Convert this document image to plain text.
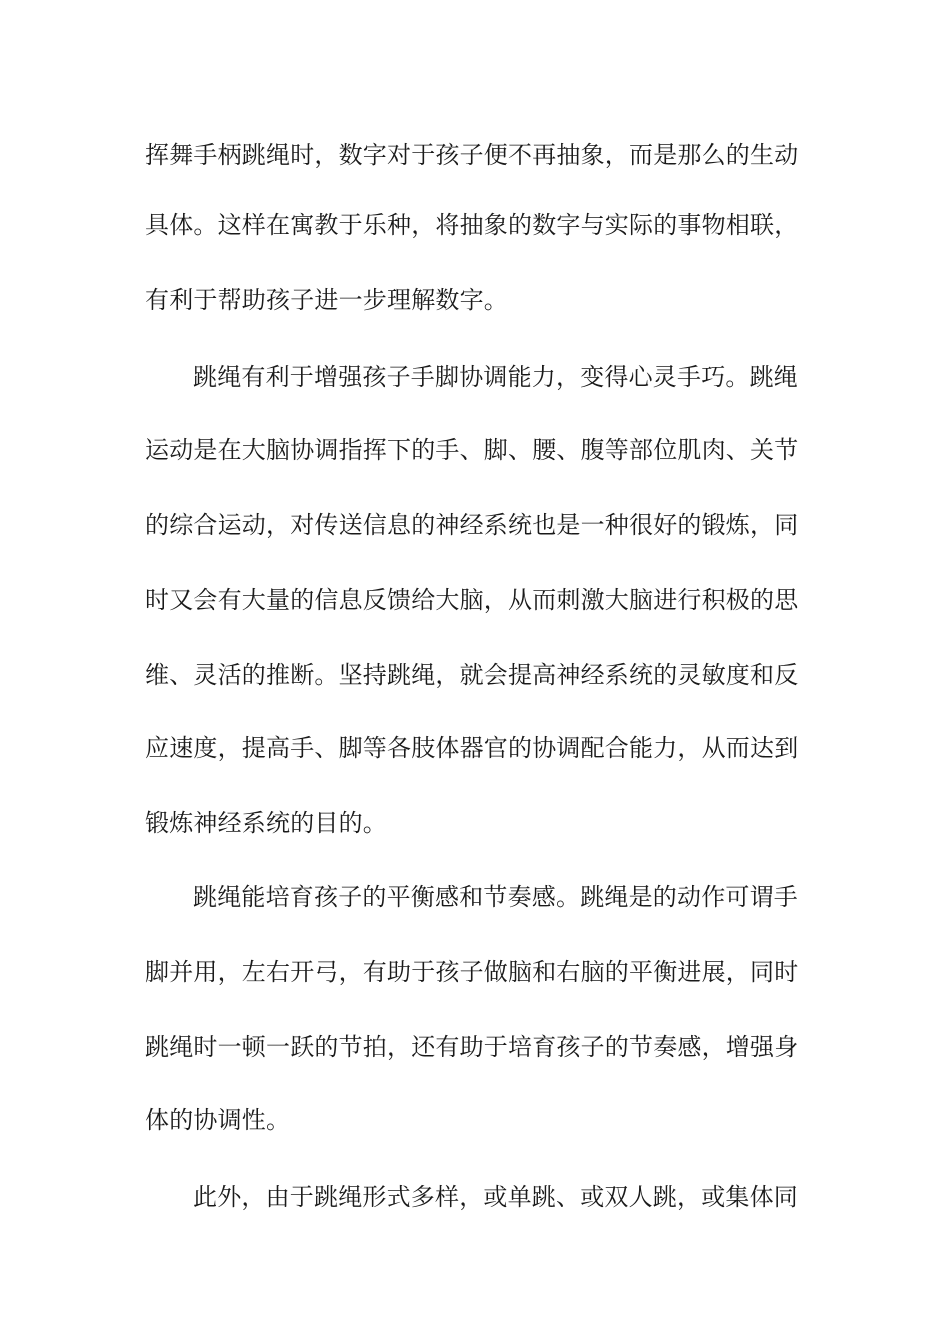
挥舞手柄跳绳时，数字对于孩子便不再抽象，而是那么的生动
具体。这样在寓教于乐种，将抽象的数字与实际的事物相联，
有利于帮助孩子进一步理解数字。
跳绳有利于增强孩子手脚协调能力，变得心灵手巧。跳绳
运动是在大脑协调指挥下的手、脚、腰、腹等部位肌肉、关节
的综合运动，对传送信息的神经系统也是一种很好的锻炼，同
时又会有大量的信息反馈给大脑，从而刺激大脑进行积极的思
维、灵活的推断。坚持跳绳，就会提高神经系统的灵敏度和反
应速度，提高手、脚等各肢体器官的协调配合能力，从而达到
锻炼神经系统的目的。
跳绳能培育孩子的平衡感和节奏感。跳绳是的动作可谓手
脚并用，左右开弓，有助于孩子做脑和右脑的平衡进展，同时
跳绳时一顿一跃的节拍，还有助于培育孩子的节奏感，增强身
体的协调性。
此外，由于跳绳形式多样，或单跳、或双人跳，或集体同
